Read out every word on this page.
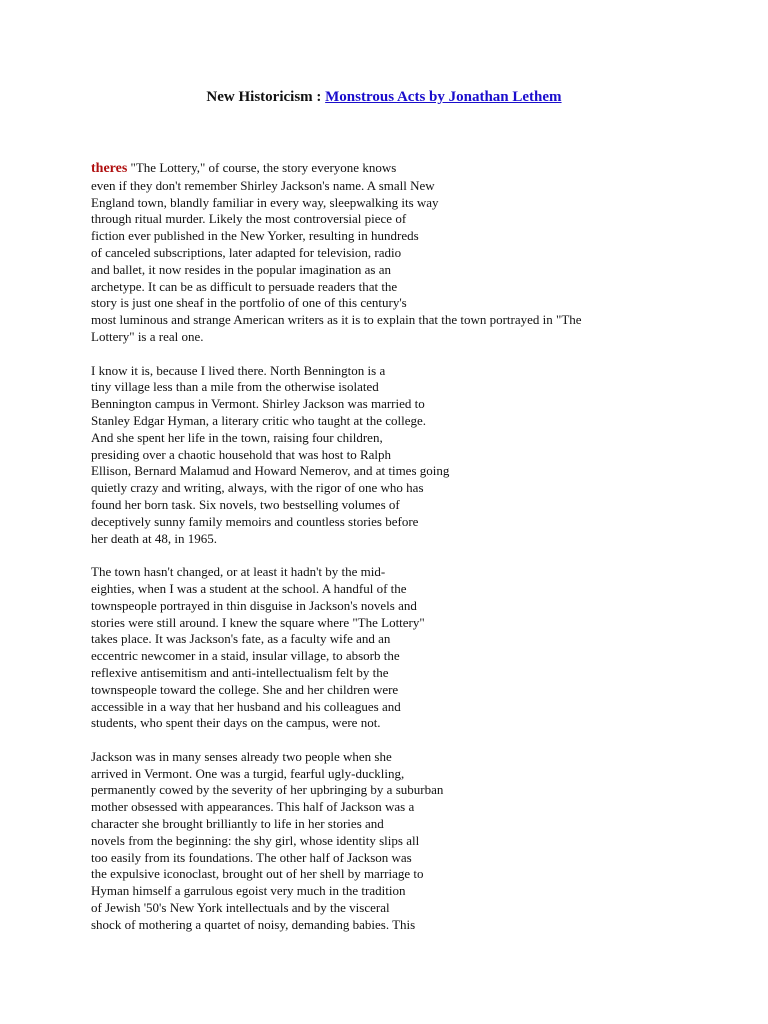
New Historicism : Monstrous Acts by Jonathan Lethem

theres "The Lottery," of course, the story everyone knows
even if they don't remember Shirley Jackson's name. A small New
England town, blandly familiar in every way, sleepwalking its way
through ritual murder. Likely the most controversial piece of
fiction ever published in the New Yorker, resulting in hundreds
of canceled subscriptions, later adapted for television, radio
and ballet, it now resides in the popular imagination as an
archetype. It can be as difficult to persuade readers that the
story is just one sheaf in the portfolio of one of this century's
most luminous and strange American writers as it is to explain that the town portrayed in "The
Lottery" is a real one.

I know it is, because I lived there. North Bennington is a
tiny village less than a mile from the otherwise isolated
Bennington campus in Vermont. Shirley Jackson was married to
Stanley Edgar Hyman, a literary critic who taught at the college.
And she spent her life in the town, raising four children,
presiding over a chaotic household that was host to Ralph
Ellison, Bernard Malamud and Howard Nemerov, and at times going
quietly crazy and writing, always, with the rigor of one who has
found her born task. Six novels, two bestselling volumes of
deceptively sunny family memoirs and countless stories before
her death at 48, in 1965.

The town hasn't changed, or at least it hadn't by the mid-
eighties, when I was a student at the school. A handful of the
townspeople portrayed in thin disguise in Jackson's novels and
stories were still around. I knew the square where "The Lottery"
takes place. It was Jackson's fate, as a faculty wife and an
eccentric newcomer in a staid, insular village, to absorb the
reflexive antisemitism and anti-intellectualism felt by the
townspeople toward the college. She and her children were
accessible in a way that her husband and his colleagues and
students, who spent their days on the campus, were not.

Jackson was in many senses already two people when she
arrived in Vermont. One was a turgid, fearful ugly-duckling,
permanently cowed by the severity of her upbringing by a suburban
mother obsessed with appearances. This half of Jackson was a
character she brought brilliantly to life in her stories and
novels from the beginning: the shy girl, whose identity slips all
too easily from its foundations. The other half of Jackson was
the expulsive iconoclast, brought out of her shell by marriage to
Hyman himself a garrulous egoist very much in the tradition
of Jewish '50's New York intellectuals and by the visceral
shock of mothering a quartet of noisy, demanding babies. This
